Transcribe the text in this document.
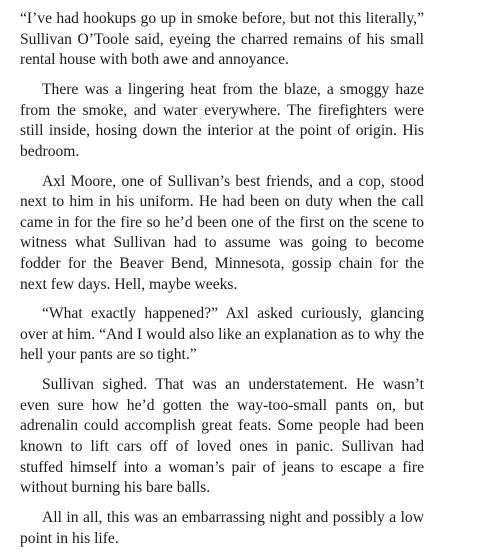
“I’ve had hookups go up in smoke before, but not this literally,” Sullivan O’Toole said, eyeing the charred remains of his small rental house with both awe and annoyance.

There was a lingering heat from the blaze, a smoggy haze from the smoke, and water everywhere. The firefighters were still inside, hosing down the interior at the point of origin. His bedroom.

Axl Moore, one of Sullivan’s best friends, and a cop, stood next to him in his uniform. He had been on duty when the call came in for the fire so he’d been one of the first on the scene to witness what Sullivan had to assume was going to become fodder for the Beaver Bend, Minnesota, gossip chain for the next few days. Hell, maybe weeks.

“What exactly happened?” Axl asked curiously, glancing over at him. “And I would also like an explanation as to why the hell your pants are so tight.”

Sullivan sighed. That was an understatement. He wasn’t even sure how he’d gotten the way-too-small pants on, but adrenalin could accomplish great feats. Some people had been known to lift cars off of loved ones in panic. Sullivan had stuffed himself into a woman’s pair of jeans to escape a fire without burning his bare balls.

All in all, this was an embarrassing night and possibly a low point in his life.
